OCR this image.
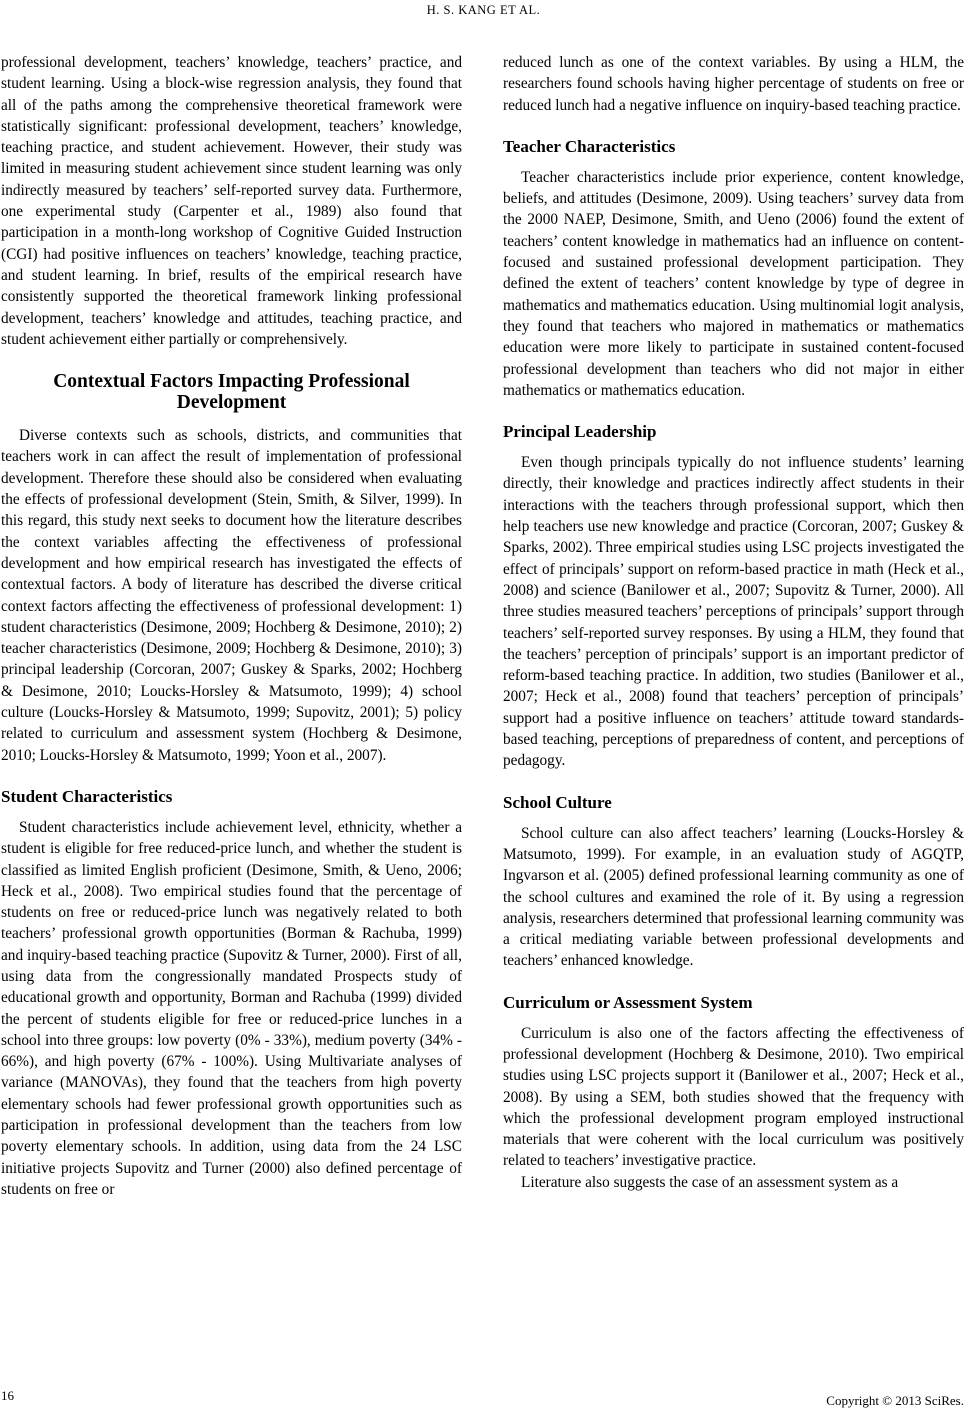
H. S. KANG ET AL.

professional development, teachers’ knowledge, teachers’ practice, and student learning. Using a block-wise regression analysis, they found that all of the paths among the comprehensive theoretical framework were statistically significant: professional development, teachers’ knowledge, teaching practice, and student achievement. However, their study was limited in measuring student achievement since student learning was only indirectly measured by teachers’ self-reported survey data. Furthermore, one experimental study (Carpenter et al., 1989) also found that participation in a month-long workshop of Cognitive Guided Instruction (CGI) had positive influences on teachers’ knowledge, teaching practice, and student learning. In brief, results of the empirical research have consistently supported the theoretical framework linking professional development, teachers’ knowledge and attitudes, teaching practice, and student achievement either partially or comprehensively.

Contextual Factors Impacting Professional
Development

Diverse contexts such as schools, districts, and communities that teachers work in can affect the result of implementation of professional development. Therefore these should also be considered when evaluating the effects of professional development (Stein, Smith, & Silver, 1999). In this regard, this study next seeks to document how the literature describes the context variables affecting the effectiveness of professional development and how empirical research has investigated the effects of contextual factors. A body of literature has described the diverse critical context factors affecting the effectiveness of professional development: 1) student characteristics (Desimone, 2009; Hochberg & Desimone, 2010); 2) teacher characteristics (Desimone, 2009; Hochberg & Desimone, 2010); 3) principal leadership (Corcoran, 2007; Guskey & Sparks, 2002; Hochberg & Desimone, 2010; Loucks-Horsley & Matsumoto, 1999); 4) school culture (Loucks-Horsley & Matsumoto, 1999; Supovitz, 2001); 5) policy related to curriculum and assessment system (Hochberg & Desimone, 2010; Loucks-Horsley & Matsumoto, 1999; Yoon et al., 2007).

Student Characteristics

Student characteristics include achievement level, ethnicity, whether a student is eligible for free reduced-price lunch, and whether the student is classified as limited English proficient (Desimone, Smith, & Ueno, 2006; Heck et al., 2008). Two empirical studies found that the percentage of students on free or reduced-price lunch was negatively related to both teachers’ professional growth opportunities (Borman & Rachuba, 1999) and inquiry-based teaching practice (Supovitz & Turner, 2000). First of all, using data from the congressionally mandated Prospects study of educational growth and opportunity, Borman and Rachuba (1999) divided the percent of students eligible for free or reduced-price lunches in a school into three groups: low poverty (0% - 33%), medium poverty (34% - 66%), and high poverty (67% - 100%). Using Multivariate analyses of variance (MANOVAs), they found that the teachers from high poverty elementary schools had fewer professional growth opportunities such as participation in professional development than the teachers from low poverty elementary schools. In addition, using data from the 24 LSC initiative projects Supovitz and Turner (2000) also defined percentage of students on free or

reduced lunch as one of the context variables. By using a HLM, the researchers found schools having higher percentage of students on free or reduced lunch had a negative influence on inquiry-based teaching practice.

Teacher Characteristics

Teacher characteristics include prior experience, content knowledge, beliefs, and attitudes (Desimone, 2009). Using teachers’ survey data from the 2000 NAEP, Desimone, Smith, and Ueno (2006) found the extent of teachers’ content knowledge in mathematics had an influence on content-focused and sustained professional development participation. They defined the extent of teachers’ content knowledge by type of degree in mathematics and mathematics education. Using multinomial logit analysis, they found that teachers who majored in mathematics or mathematics education were more likely to participate in sustained content-focused professional development than teachers who did not major in either mathematics or mathematics education.

Principal Leadership

Even though principals typically do not influence students’ learning directly, their knowledge and practices indirectly affect students in their interactions with the teachers through professional support, which then help teachers use new knowledge and practice (Corcoran, 2007; Guskey & Sparks, 2002). Three empirical studies using LSC projects investigated the effect of principals’ support on reform-based practice in math (Heck et al., 2008) and science (Banilower et al., 2007; Supovitz & Turner, 2000). All three studies measured teachers’ perceptions of principals’ support through teachers’ self-reported survey responses. By using a HLM, they found that the teachers’ perception of principals’ support is an important predictor of reform-based teaching practice. In addition, two studies (Banilower et al., 2007; Heck et al., 2008) found that teachers’ perception of principals’ support had a positive influence on teachers’ attitude toward standards-based teaching, perceptions of preparedness of content, and perceptions of pedagogy.

School Culture

School culture can also affect teachers’ learning (Loucks-Horsley & Matsumoto, 1999). For example, in an evaluation study of AGQTP, Ingvarson et al. (2005) defined professional learning community as one of the school cultures and examined the role of it. By using a regression analysis, researchers determined that professional learning community was a critical mediating variable between professional developments and teachers’ enhanced knowledge.

Curriculum or Assessment System

Curriculum is also one of the factors affecting the effectiveness of professional development (Hochberg & Desimone, 2010). Two empirical studies using LSC projects support it (Banilower et al., 2007; Heck et al., 2008). By using a SEM, both studies showed that the frequency with which the professional development program employed instructional materials that were coherent with the local curriculum was positively related to teachers’ investigative practice.

Literature also suggests the case of an assessment system as a

16	Copyright © 2013 SciRes.
